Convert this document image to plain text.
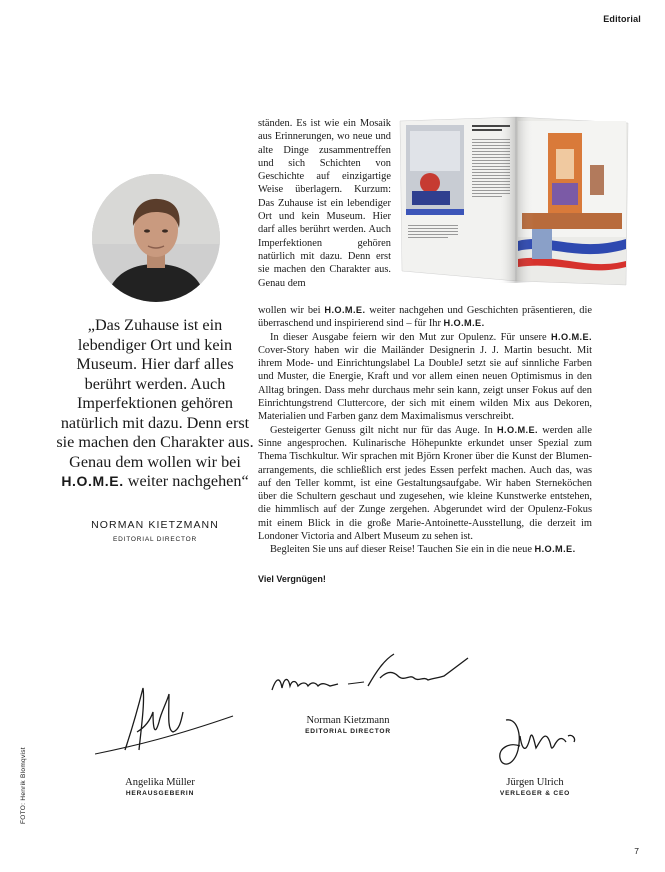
Editorial
„Das Zuhause ist ein lebendiger Ort und kein Museum. Hier darf alles berührt werden. Auch Imperfektionen gehören natürlich mit dazu. Denn erst sie machen den Charakter aus. Genau dem wollen wir bei H.O.M.E. weiter nachgehen“
NORMAN KIETZMANN
EDITORIAL DIRECTOR
ständen. Es ist wie ein Mosaik aus Erinnerungen, wo neue und alte Dinge zusammentreffen und sich Schichten von Geschichte auf einzigartige Weise überlagern. Kurzum: Das Zuhause ist ein lebendiger Ort und kein Museum. Hier darf alles berührt werden. Auch Imperfektionen gehören natürlich mit dazu. Denn erst sie machen den Charakter aus. Genau dem

wollen wir bei H.O.M.E. weiter nachgehen und Geschichten präsentieren, die überraschend und inspirierend sind – für Ihr H.O.M.E.

In dieser Ausgabe feiern wir den Mut zur Opulenz. Für unsere H.O.M.E. Cover-Story haben wir die Mailänder Designerin J. J. Martin besucht. Mit ihrem Mode- und Einrichtungslabel La DoubleJ setzt sie auf sinnliche Farben und Muster, die Energie, Kraft und vor allem einen neuen Optimismus in den Alltag bringen. Dass mehr durchaus mehr sein kann, zeigt unser Fokus auf den Einrichtungstrend Cluttercore, der sich mit einem wilden Mix aus Dekoren, Materialien und Farben ganz dem Maximalismus verschreibt.

Gesteigerter Genuss gilt nicht nur für das Auge. In H.O.M.E. werden alle Sinne angesprochen. Kulinarische Höhepunkte erkundet unser Spezial zum Thema Tischkultur. Wir sprachen mit Björn Kroner über die Kunst der Blumenarrangements, die schließlich erst jedes Essen perfekt machen. Auch das, was auf den Teller kommt, ist eine Gestaltungsaufgabe. Wir haben Sterneköchen über die Schultern geschaut und zugesehen, wie kleine Kunstwerke entstehen, die himmlisch auf der Zunge zergehen. Abgerundet wird der Opulenz-Fokus mit einem Blick in die große Marie-Antoinette-Ausstellung, die derzeit im Londoner Victoria and Albert Museum zu sehen ist.

Begleiten Sie uns auf dieser Reise! Tauchen Sie ein in die neue H.O.M.E.

Viel Vergnügen!
Norman Kietzmann
EDITORIAL DIRECTOR
Angelika Müller
HERAUSGEBERIN
Jürgen Ulrich
VERLEGER & CEO
FOTO: Henrik Blomqvist
7
